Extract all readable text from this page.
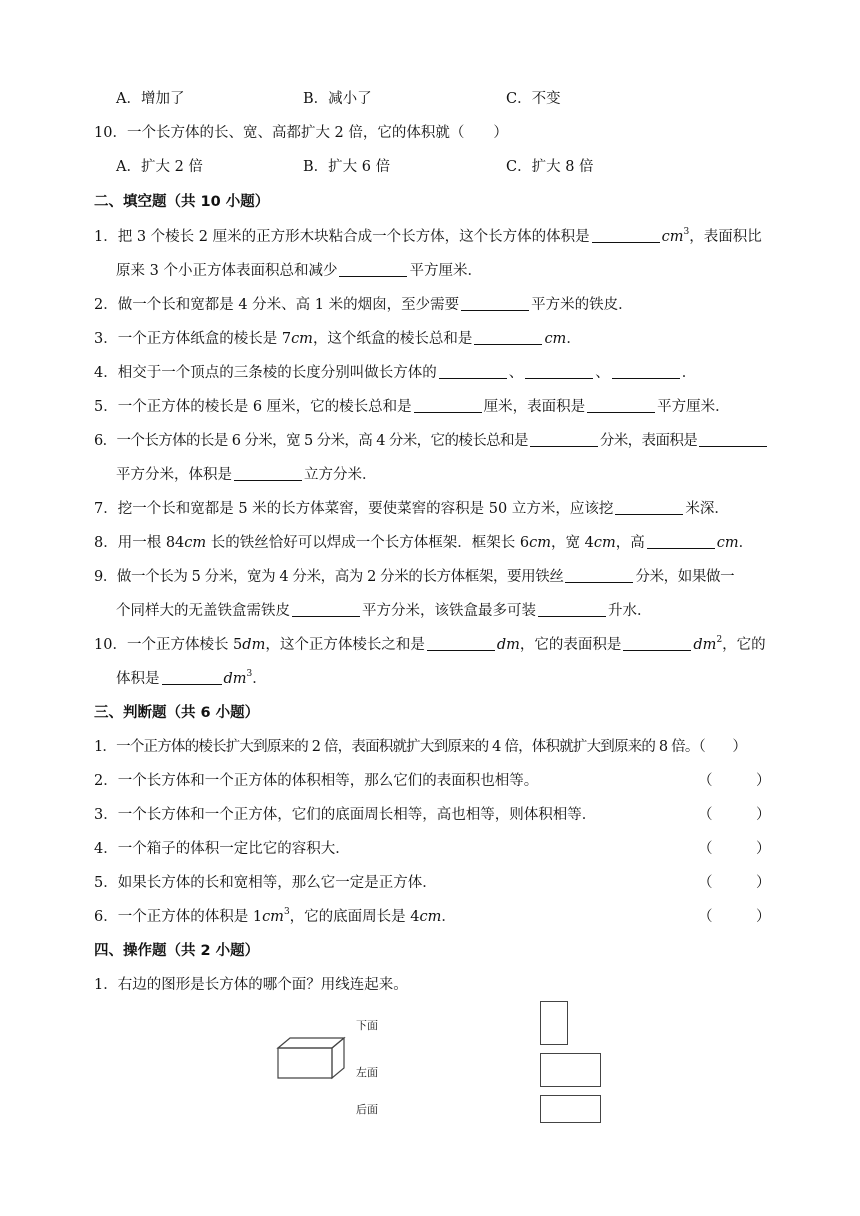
A．增加了	B．减小了	C．不变
10．一个长方体的长、宽、高都扩大 2 倍，它的体积就（　　）
A．扩大 2 倍	B．扩大 6 倍	C．扩大 8 倍
二、填空题（共 10 小题）
1．把 3 个棱长 2 厘米的正方形木块粘合成一个长方体，这个长方体的体积是	$cm^3$，表面积比
原来 3 个小正方体表面积总和减少	平方厘米．
2．做一个长和宽都是 4 分米、高 1 米的烟囱，至少需要	平方米的铁皮．
3．一个正方体纸盒的棱长是 7cm，这个纸盒的棱长总和是	cm．
4．相交于一个顶点的三条棱的长度分别叫做长方体的	、	、	．
5．一个正方体的棱长是 6 厘米，它的棱长总和是	厘米，表面积是	平方厘米．
6．一个长方体的长是 6 分米，宽 5 分米，高 4 分米，它的棱长总和是	分米，表面积是
平方分米，体积是	立方分米．
7．挖一个长和宽都是 5 米的长方体菜窖，要使菜窖的容积是 50 立方米，应该挖	米深．
8．用一根 84cm 长的铁丝恰好可以焊成一个长方体框架．框架长 6cm，宽 4cm，高	cm．
9．做一个长为 5 分米，宽为 4 分米，高为 2 分米的长方体框架，要用铁丝	分米，如果做一
个同样大的无盖铁盒需铁皮	平方分米，该铁盒最多可装	升水．
10．一个正方体棱长 5dm，这个正方体棱长之和是	dm，它的表面积是	$dm^2$，它的
体积是	$dm^3$．
三、判断题（共 6 小题）
1．一个正方体的棱长扩大到原来的 2 倍，表面积就扩大到原来的 4 倍，体积就扩大到原来的 8 倍。（　　）
2．一个长方体和一个正方体的体积相等，那么它们的表面积也相等。	（　　　）
3．一个长方体和一个正方体，它们的底面周长相等，高也相等，则体积相等．	（　　　）
4．一个箱子的体积一定比它的容积大．	（　　　）
5．如果长方体的长和宽相等，那么它一定是正方体．	（　　　）
6．一个正方体的体积是 $1cm^3$，它的底面周长是 4cm．	（　　　）
四、操作题（共 2 小题）
1．右边的图形是长方体的哪个面？用线连起来。
下面
左面
后面
